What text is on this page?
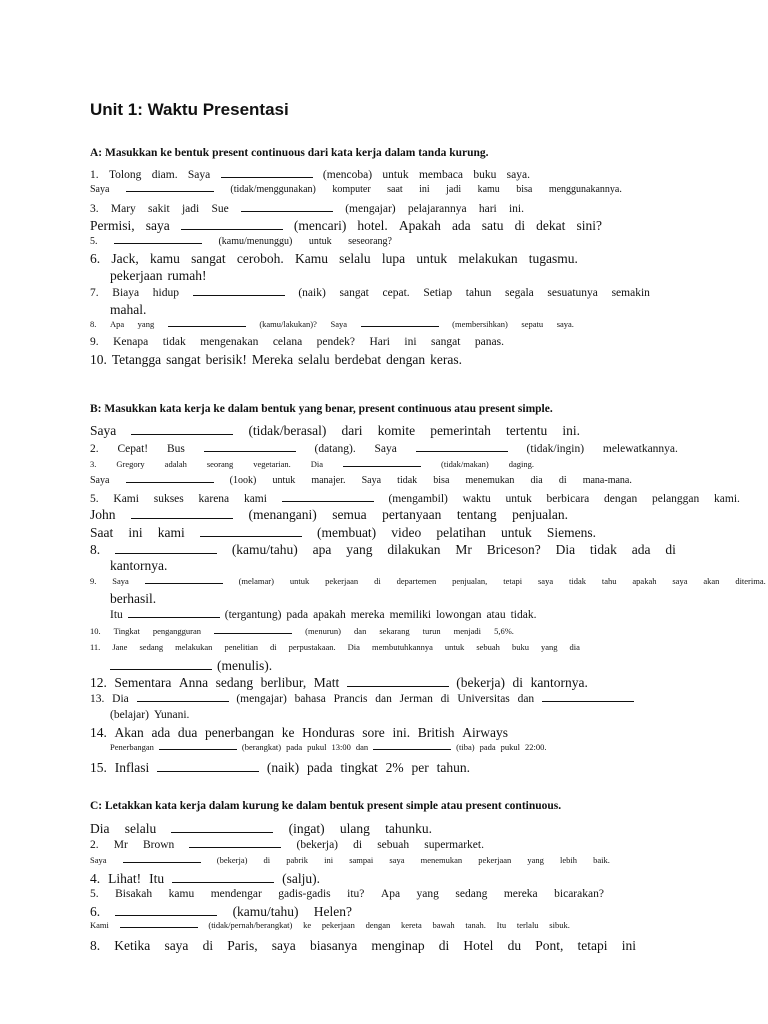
Unit 1: Waktu Presentasi
A: Masukkan ke bentuk present continuous dari kata kerja dalam tanda kurung.
B: Masukkan kata kerja ke dalam bentuk yang benar, present continuous atau present simple.
C: Letakkan kata kerja dalam kurung ke dalam bentuk present simple atau present continuous.
1. Tolong diam. Saya	(mencoba) untuk membaca buku saya.
Saya	(tidak/menggunakan) komputer saat ini jadi kamu bisa menggunakannya.
3. Mary sakit jadi Sue	(mengajar) pelajarannya hari ini.
Permisi, saya	(mencari) hotel. Apakah ada satu di dekat sini?
5.	(kamu/menunggu) untuk seseorang?
6. Jack, kamu sangat ceroboh. Kamu selalu lupa untuk melakukan tugasmu.
pekerjaan rumah!
7. Biaya hidup	(naik) sangat cepat. Setiap tahun segala sesuatunya semakin
mahal.
8. Apa yang	(kamu/lakukan)? Saya	(membersihkan) sepatu saya.
9. Kenapa tidak mengenakan celana pendek? Hari ini sangat panas.
10. Tetangga sangat berisik! Mereka selalu berdebat dengan keras.
Saya	(tidak/berasal) dari komite pemerintah tertentu ini.
2. Cepat! Bus	(datang). Saya	(tidak/ingin) melewatkannya.
3. Gregory adalah seorang vegetarian. Dia	(tidak/makan) daging.
Saya	(1ook) untuk manajer. Saya tidak bisa menemukan dia di mana-mana.
5. Kami sukses karena kami	(mengambil) waktu untuk berbicara dengan pelanggan kami.
John	(menangani) semua pertanyaan tentang penjualan.
Saat ini kami	(membuat) video pelatihan untuk Siemens.
8.	(kamu/tahu) apa yang dilakukan Mr Briceson? Dia tidak ada di
kantornya.
9. Saya	(melamar) untuk pekerjaan di departemen penjualan, tetapi saya tidak tahu apakah saya akan diterima.
berhasil.
Itu	(tergantung) pada apakah mereka memiliki lowongan atau tidak.
10. Tingkat pengangguran	(menurun) dan sekarang turun menjadi 5,6%.
11. Jane sedang melakukan penelitian di perpustakaan. Dia membutuhkannya untuk sebuah buku yang dia
(menulis).
12. Sementara Anna sedang berlibur, Matt	(bekerja) di kantornya.
13. Dia	(mengajar) bahasa Prancis dan Jerman di Universitas dan
(belajar) Yunani.
14. Akan ada dua penerbangan ke Honduras sore ini. British Airways
Penerbangan	(berangkat) pada pukul 13:00 dan	(tiba) pada pukul 22:00.
15. Inflasi	(naik) pada tingkat 2% per tahun.
Dia selalu	(ingat) ulang tahunku.
2. Mr Brown	(bekerja) di sebuah supermarket.
Saya	(bekerja) di pabrik ini sampai saya menemukan pekerjaan yang lebih baik.
4. Lihat! Itu	(salju).
5. Bisakah kamu mendengar gadis-gadis itu? Apa yang sedang mereka bicarakan?
6.	(kamu/tahu) Helen?
Kami	(tidak/pernah/berangkat) ke pekerjaan dengan kereta bawah tanah. Itu terlalu sibuk.
8. Ketika saya di Paris, saya biasanya menginap di Hotel du Pont, tetapi ini
